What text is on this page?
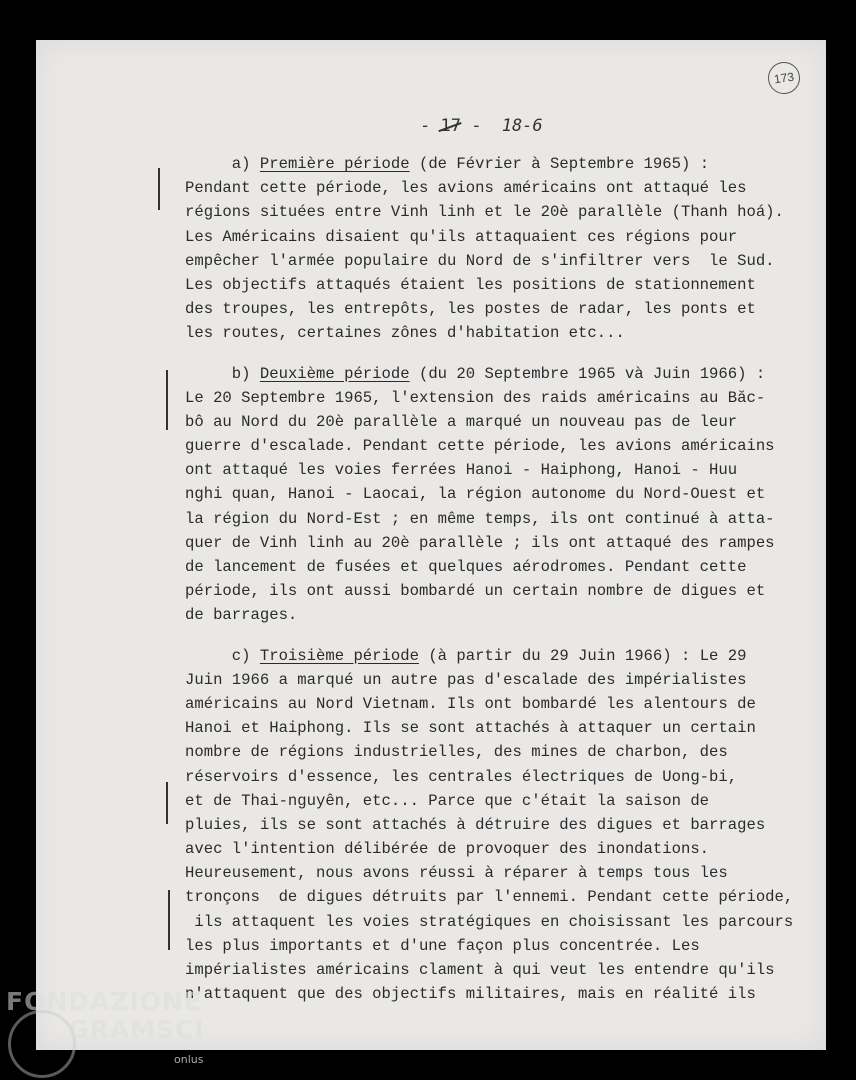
173
- 17 - 18-6
a) Première période (de Février à Septembre 1965) :
Pendant cette période, les avions américains ont attaqué les
régions situées entre Vinh linh et le 20è parallèle (Thanh hoá).
Les Américains disaient qu'ils attaquaient ces régions pour
empêcher l'armée populaire du Nord de s'infiltrer vers  le Sud.
Les objectifs attaqués étaient les positions de stationnement
des troupes, les entrepôts, les postes de radar, les ponts et
les routes, certaines zônes d'habitation etc...
b) Deuxième période (du 20 Septembre 1965 và Juin 1966) :
Le 20 Septembre 1965, l'extension des raids américains au Băc-
bô au Nord du 20è parallèle a marqué un nouveau pas de leur
guerre d'escalade. Pendant cette période, les avions américains
ont attaqué les voies ferrées Hanoi - Haiphong, Hanoi - Huu
nghi quan, Hanoi - Laocai, la région autonome du Nord-Ouest et
la région du Nord-Est ; en même temps, ils ont continué à atta-
quer de Vinh linh au 20è parallèle ; ils ont attaqué des rampes
de lancement de fusées et quelques aérodromes. Pendant cette
période, ils ont aussi bombardé un certain nombre de digues et
de barrages.
c) Troisième période (à partir du 29 Juin 1966) : Le 29
Juin 1966 a marqué un autre pas d'escalade des impérialistes
américains au Nord Vietnam. Ils ont bombardé les alentours de
Hanoi et Haiphong. Ils se sont attachés à attaquer un certain
nombre de régions industrielles, des mines de charbon, des
réservoirs d'essence, les centrales électriques de Uong-bi,
et de Thai-nguyên, etc... Parce que c'était la saison de
pluies, ils se sont attachés à détruire des digues et barrages
avec l'intention délibérée de provoquer des inondations.
Heureusement, nous avons réussi à réparer à temps tous les
tronçons  de digues détruits par l'ennemi. Pendant cette période,
ils attaquent les voies stratégiques en choisissant les parcours
les plus importants et d'une façon plus concentrée. Les
impérialistes américains clament à qui veut les entendre qu'ils
n'attaquent que des objectifs militaires, mais en réalité ils
FONDAZIONE
GRAMSCI
onlus
